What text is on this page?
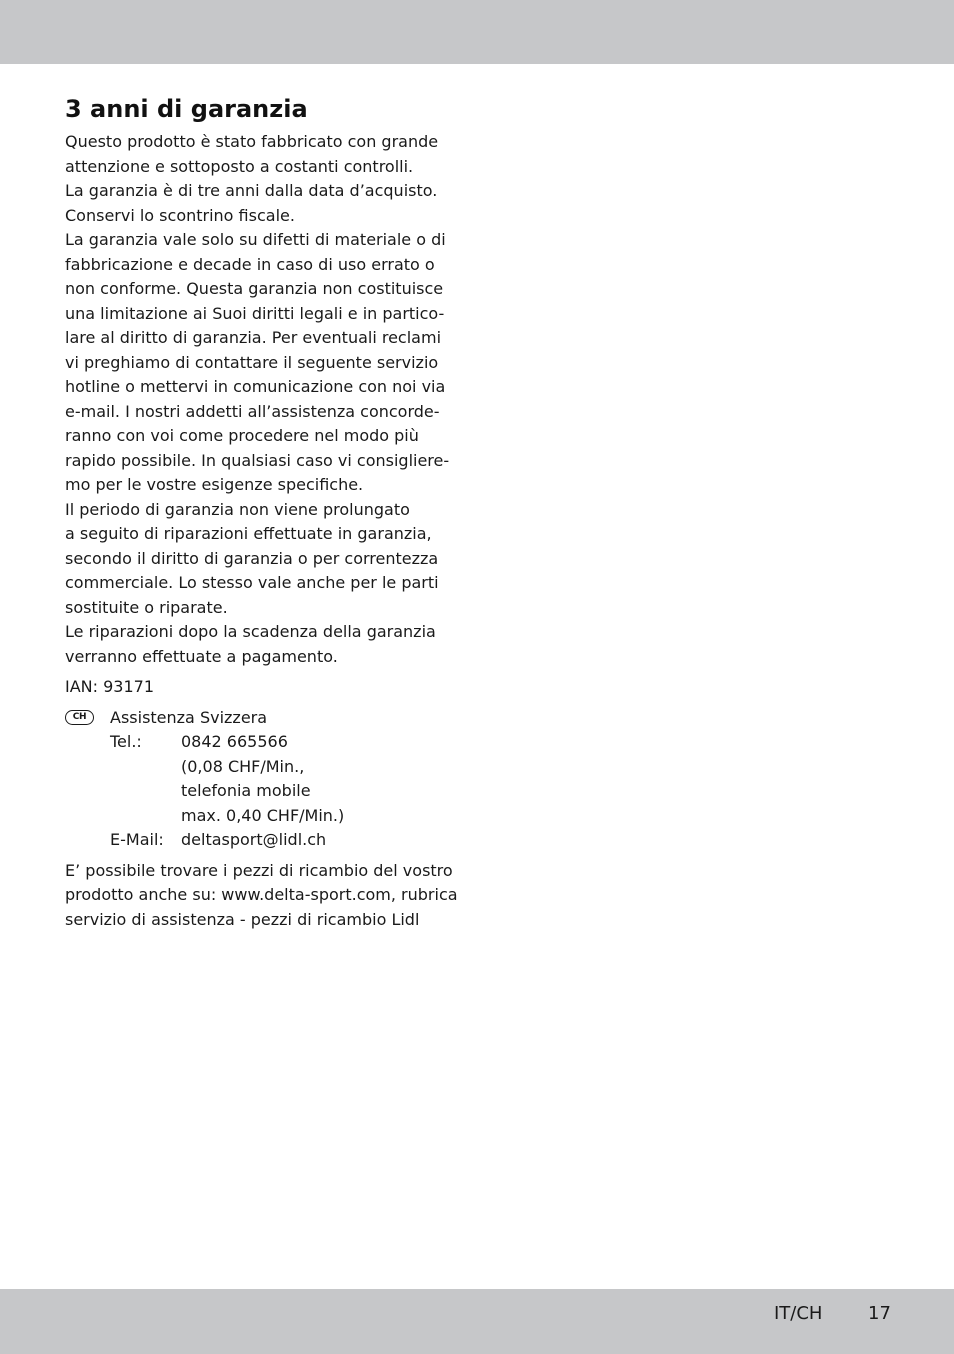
3 anni di garanzia
Questo prodotto è stato fabbricato con grande
attenzione e sottoposto a costanti controlli.
La garanzia è di tre anni dalla data d’acquisto.
Conservi lo scontrino fiscale.
La garanzia vale solo su difetti di materiale o di
fabbricazione e decade in caso di uso errato o
non conforme. Questa garanzia non costituisce
una limitazione ai Suoi diritti legali e in partico-
lare al diritto di garanzia. Per eventuali reclami
vi preghiamo di contattare il seguente servizio
hotline o mettervi in comunicazione con noi via
e-mail. I nostri addetti all’assistenza concorde-
ranno con voi come procedere nel modo più
rapido possibile. In qualsiasi caso vi consigliere-
mo per le vostre esigenze specifiche.
Il periodo di garanzia non viene prolungato
a seguito di riparazioni effettuate in garanzia,
secondo il diritto di garanzia o per correntezza
commerciale. Lo stesso vale anche per le parti
sostituite o riparate.
Le riparazioni dopo la scadenza della garanzia
verranno effettuate a pagamento.
IAN: 93171
CH	Assistenza Svizzera
Tel.:	0842 665566
(0,08 CHF/Min.,
telefonia mobile
max. 0,40 CHF/Min.)
E-Mail:	deltasport@lidl.ch
E’ possibile trovare i pezzi di ricambio del vostro
prodotto anche su: www.delta-sport.com, rubrica
servizio di assistenza - pezzi di ricambio Lidl
IT/CH	17
